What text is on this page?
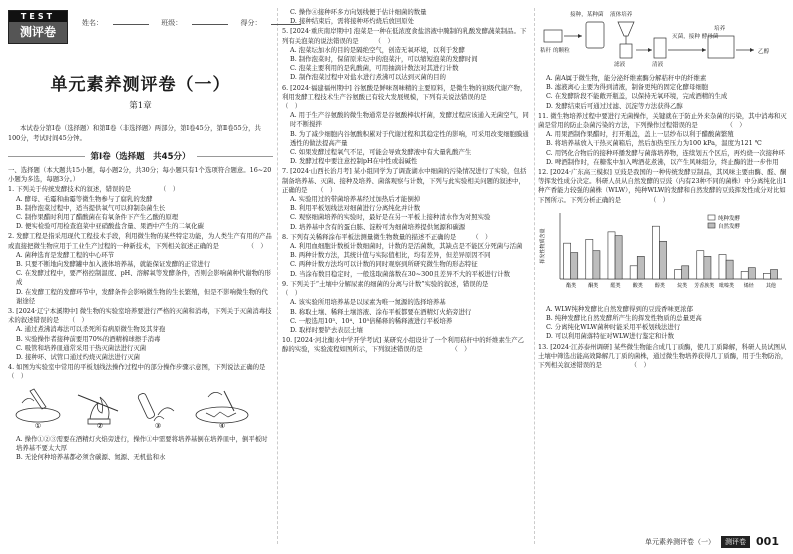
TEST
测评卷
姓名：	班级：	得分：
单元素养测评卷（一）
第1章
本试卷分第Ⅰ卷（选择题）和第Ⅱ卷（非选择题）两部分，第Ⅰ卷45分，第Ⅱ卷55分，共100分，考试时间45分钟。
第Ⅰ卷（选择题　共45分）
一、选择题（本大题共15小题，每小题2分，共30分；每小题只有1个选项符合题意。16~20小题为多选，每题3分。）
1. 下列关于传统发酵技术的叙述，错误的是　　　　　（　）
A. 酵母、毛霉和曲霉等微生物参与了腐乳的发酵
B. 制作泡菜过程中，适当提供氧气可以抑制杂菌生长
C. 制作果醋时利用了醋酸菌在有氧条件下产生乙酸的原理
D. 便实检验可用检查泡菜中亚硝酸盐含量、果酒中产生的二氧化碳
2. 发酵工程是指采用现代工程技术手段，利用微生物的某些特定功能，为人类生产有用的产品或直接把微生物应用于工业生产过程的一种新技术，下列相关叙述正确的是　　　　　（　）
A. 菌种选育是发酵工程的中心环节
B. 只要不断地向发酵罐中加入液体培养基，就能保证发酵的正常进行
C. 在发酵过程中，要严格控制温度、pH、溶解氧等发酵条件，否则会影响菌种代谢物的形成
D. 在发酵工程的发酵环节中，发酵条件会影响微生物的生长繁殖，但是不影响微生物的代谢途径
3. [2024·辽宁本溪期中] 微生物的实验室培养要进行严格的灭菌和消毒，下列关于灭菌消毒技术的叙述错误的是　　（　）
A. 通过煮沸消毒法可以杀死所有病原微生物及其芽孢
B. 实验操作者接种前要用70%的酒精棉球擦手消毒
C. 吸管和培养皿通常采用干热灭菌法进行灭菌
D. 接种环、试管口通过灼烧灭菌法进行灭菌
4. 如图为实验室中常用的平板划线法操作过程中的部分操作步骤示意图，下列说法正确的是　　　　　（　）
①	②	③	④
A. 操作①②③需要在酒精灯火焰旁进行，操作①中需要将培养基倒在培养皿中，倒平板时培养基不要太大厚
B. 无论何种培养基都必须含碳源、氮源、无机盐和水
C. 操作④接种环多方向划线便于估计细菌的数量
D. 接种结束后，需将接种环灼烧后放回原处
5. [2024·重庆南岸期中] 泡菜是一种在低浓度食盐溶液中腌制的乳酸发酵蔬菜制品。下列有关泡菜的说法错误的是　　　（　）
A. 泡菜坛加水的目的是隔绝空气，创造无氧环境，以利于发酵
B. 制作泡菜时，保留原来坛中的泡菜汁，可以缩短泡菜的发酵时间
C. 泡菜主要利用的是乳酸菌，可用抽滴计数法对其进行计数
D. 制作泡菜过程中对盐水进行煮沸可以达到灭菌的目的
6. [2024·福建福州期中] 谷氨酸是鲜味剂味精的主要原料，是微生物的初级代谢产物，利用发酵工程技术生产谷氨酸已有较大发展规模，下列有关说法错误的是　　　　　（　）
A. 用于生产谷氨酸的微生物通常是谷氨酸棒状杆菌，发酵过程应该通入无菌空气，同时不断搅拌
B. 为了减少细胞内谷氨酸积累对于代谢过程和其稳定性的影响，可采用改变细胞膜通透性的做法提高产量
C. 如果发酵过程氧气不足，可能会导致发酵液中有大量乳酸产生
D. 发酵过程中要注意控制pH在中性或弱碱性
7. [2024·山西长治月考] 某小组同学为了调查湖水中细菌的污染情况进行了实验，包括制备培养基、灭菌、接种及培养、菌落观察与计数，下列与此实验相关问题的叙述中，正确的是　　（　）
A. 实验用过的带菌培养基经过加热后才能倒掉
B. 利用平板划线法对细菌进行分离纯化并计数
C. 观察细菌培养的实验时，最好是在另一平板上接种清水作为对照实验
D. 培养基中含有的蛋白胨、淀粉可为细菌培养提供氮源和碳源
8. 下列有关稀释涂布平板法测量微生物数量的描述不正确的是　　　（　）
A. 利用血细胞计数板计数细菌时，计数的是活菌数，其缺点是不能区分死菌与活菌
B. 两种计数方法，其统计值与实际值相比，均有差异，但差异原因不同
C. 两种计数方法均可以计数的同时观察到所研究微生物的形态特征
D. 当涂布数目稳定时，一般选取菌落数在30~300且差异不大的平板进行计数
9. 下列关于“土壤中分解尿素的细菌的分离与计数”实验的叙述，错误的是　　　　　（　）
A. 该实验所用培养基是以尿素为唯一氮源的选择培养基
B. 称取土壤、稀释土壤溶液、涂布平板都要在酒精灯火焰旁进行
C. 一般选用10³、10⁴、10⁵倍稀释的稀释液进行平板培养
D. 取样时要铲去表层土壤
10. [2024·河北衡水中学开学考试] 某研究小组设计了一个利用秸秆中的纤维素生产乙醇的实验，实验流程如图所示，下列叙述错误的是　　　　　（　）
秸秆 的颗粒
接种，某种菌 液体培养
滤液	清液
灭菌，接种 酵母菌
培养
乙醇
A. 菌A属于微生物，能分泌纤维素酶分解秸秆中的纤维素
B. 滤液离心主要为得到清液，制备更纯的固定化酵母细胞
C. 在发酵阶段不能敞开瓶盖，以保持无氧环境，完成酒精的生成
D. 发酵结束后可通过过滤、沉淀等方法获得乙醇
11. 微生物培养过程中要进行无菌操作，关键就在于防止外来杂菌的污染，其中消毒和灭菌是常用的防止杂菌污染的方法，下列操作过程错误的是　　　　　（　）
A. 用果酒制作果醋时，打开瓶盖，盖上一层纱布以利于醋酸菌繁殖
B. 将培养基放入干热灭菌箱后，然后加热至压力为100 kPa，温度为121 ℃
C. 用钙化合物后的接种环播发酵与菌落培养物，连续划五个区后，再灼烧一次接种环
D. 啤酒制作时，在糖浆中加入啤酒花煮沸，以产生风味组分，终止酶的进一步作用
12. [2024·广东高三模拟] 豆豉是我国的一种传统发酵豆制品，其风味主要由酶、醛、酮等挥发性成分决定。科研人员从自然发酵的豆豉（内有23种不同的菌株）中分离纯化出1种产香能力较强的菌株（WLW），纯种WLW的发酵和自然发酵的豆豉挥发性成分对比如下图所示。下列分析正确的是　　　　　（　）
挥发性物质含量
酯类 酮类 醛类 酸类 醇类 烷类 芳香族类 吡嗪类 烯烃 其他
纯种发酵
自然发酵
A. WLW纯种发酵比自然发酵得到的豆豉香味更浓郁
B. 纯种发酵比自然发酵所产生的挥发性物质的总量更高
C. 分离纯化WLW菌种时能采用平板划线法进行
D. 可以利用菌落特征对WLW进行鉴定和计数
13. [2024·江苏泰州调研] 某些微生物能合成几丁质酶，使几丁质降解，科研人员试图从土壤中筛选出能高效降解几丁质的菌株，通过微生物培养获得几丁质酶，用于生物防治，下列相关叙述错误的是　　　　　（　）
单元素养测评卷（一）	测评卷 001
